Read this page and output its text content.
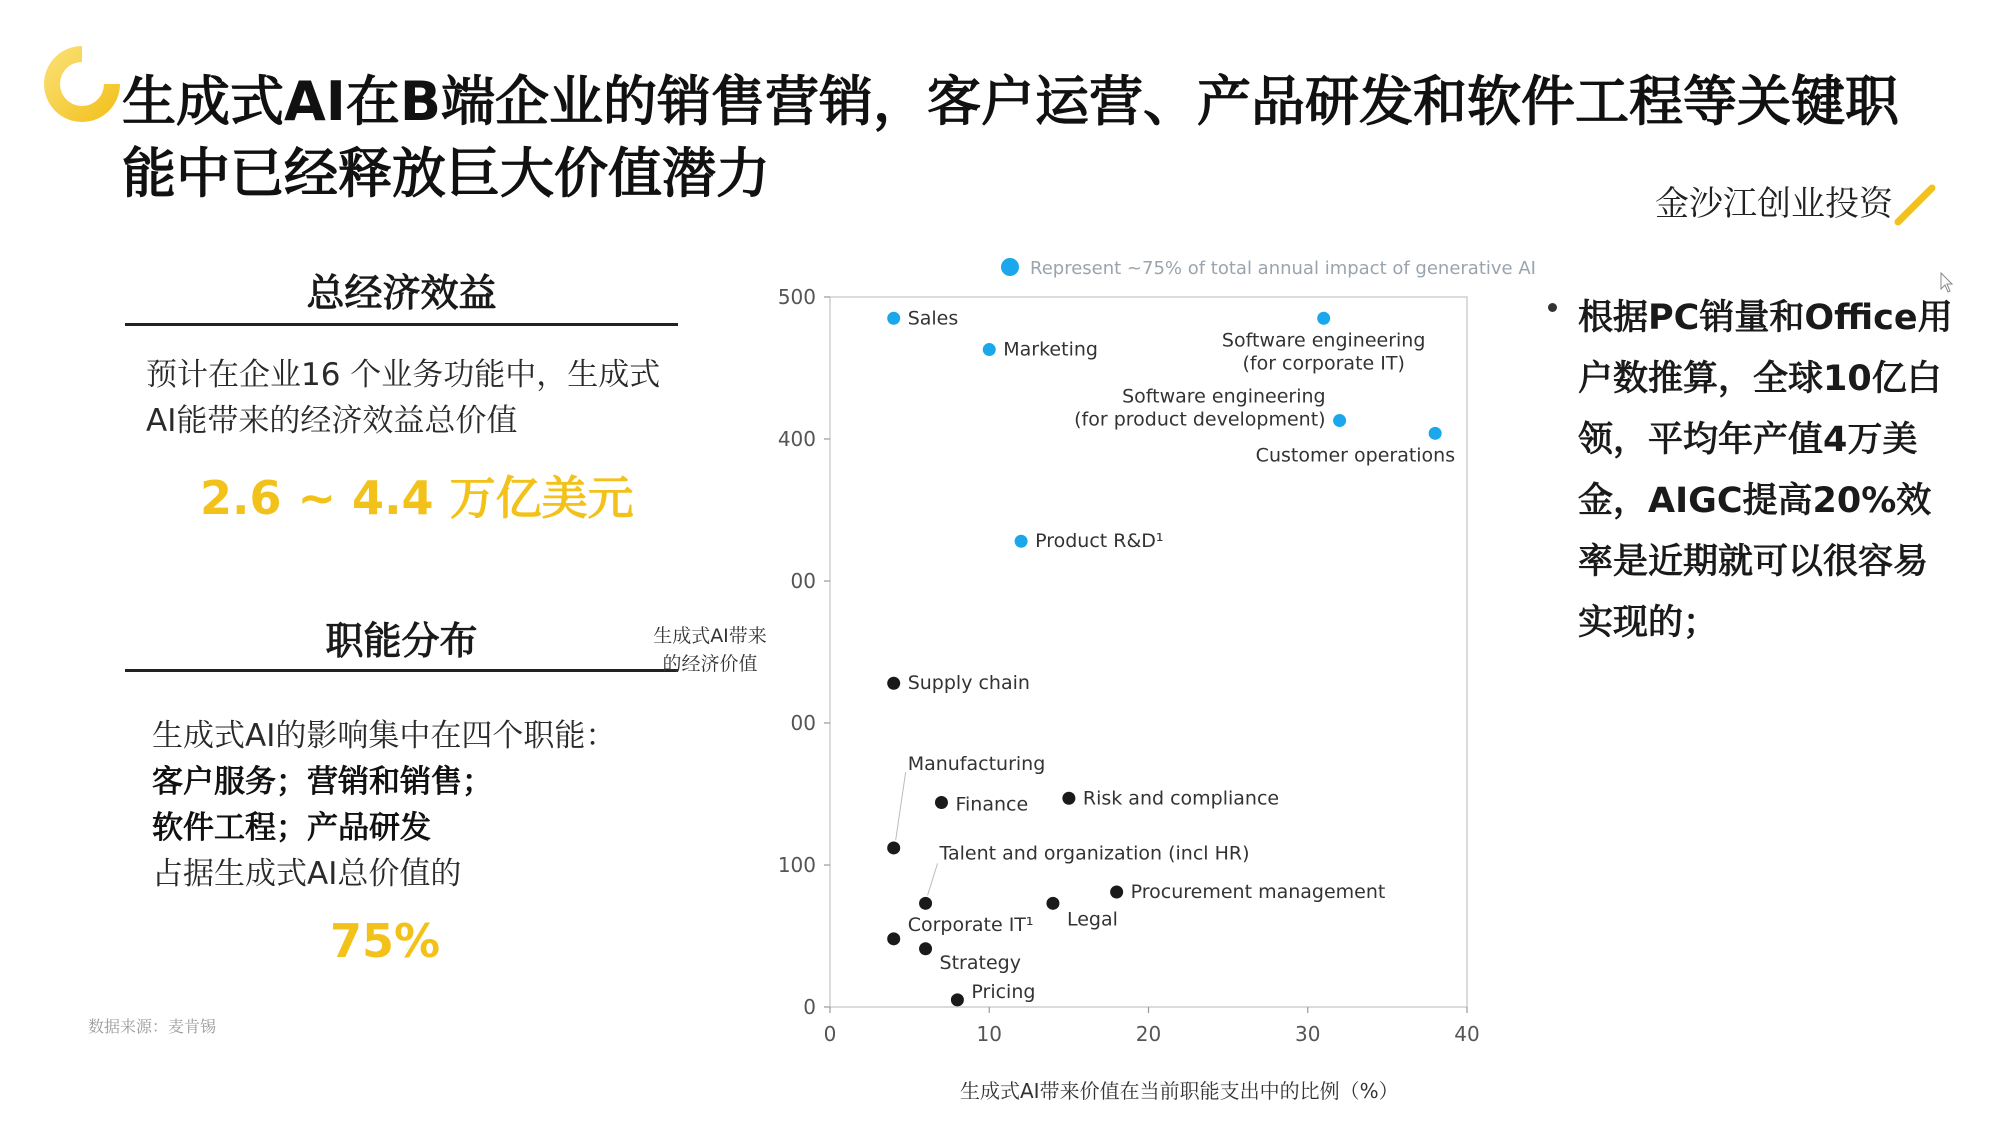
生成式AI在B端企业的销售营销，客户运营、产品研发和软件工程等关键职能中已经释放巨大价值潜力	金沙江创业投资
总经济效益
预计在企业16 个业务功能中，生成式AI能带来的经济效益总价值
2.6 ~ 4.4 万亿美元
职能分布
生成式AI的影响集中在四个职能：
客户服务；营销和销售；
软件工程；产品研发
占据生成式AI总价值的
75%
数据来源：麦肯锡
生成式AI带来的经济价值
0
100
00
00
400
500
0	10	20	30	40
Represent ~75% of total annual impact of generative AI
Sales
Marketing	Software engineering (for corporate IT)
Software engineering (for product development)
Customer operations
Product R&D¹
Supply chain
Manufacturing
Finance	Risk and compliance
Talent and organization (incl HR)
Procurement management
Legal
Corporate IT¹
Strategy
Pricing
生成式AI带来价值在当前职能支出中的比例（%）
根据PC销量和Office用户数推算，全球10亿白领，平均年产值4万美金，AIGC提高20%效率是近期就可以很容易实现的；
